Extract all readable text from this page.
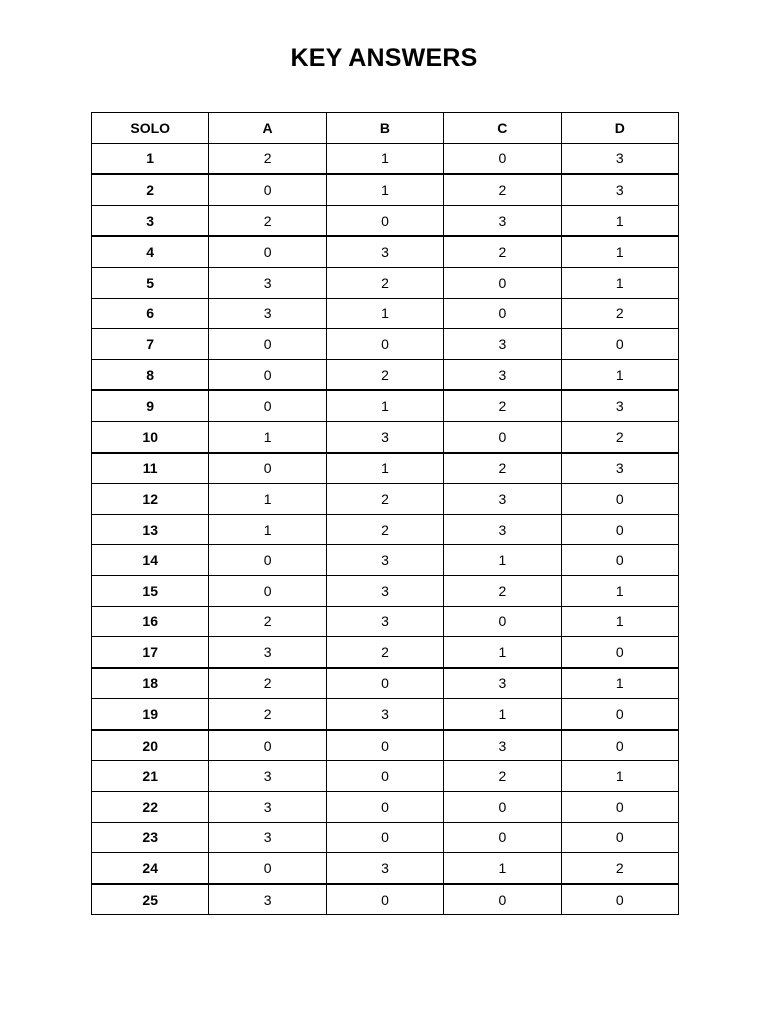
KEY ANSWERS
SOLO	A	B	C	D
1	2	1	0	3
2	0	1	2	3
3	2	0	3	1
4	0	3	2	1
5	3	2	0	1
6	3	1	0	2
7	0	0	3	0
8	0	2	3	1
9	0	1	2	3
10	1	3	0	2
11	0	1	2	3
12	1	2	3	0
13	1	2	3	0
14	0	3	1	0
15	0	3	2	1
16	2	3	0	1
17	3	2	1	0
18	2	0	3	1
19	2	3	1	0
20	0	0	3	0
21	3	0	2	1
22	3	0	0	0
23	3	0	0	0
24	0	3	1	2
25	3	0	0	0
